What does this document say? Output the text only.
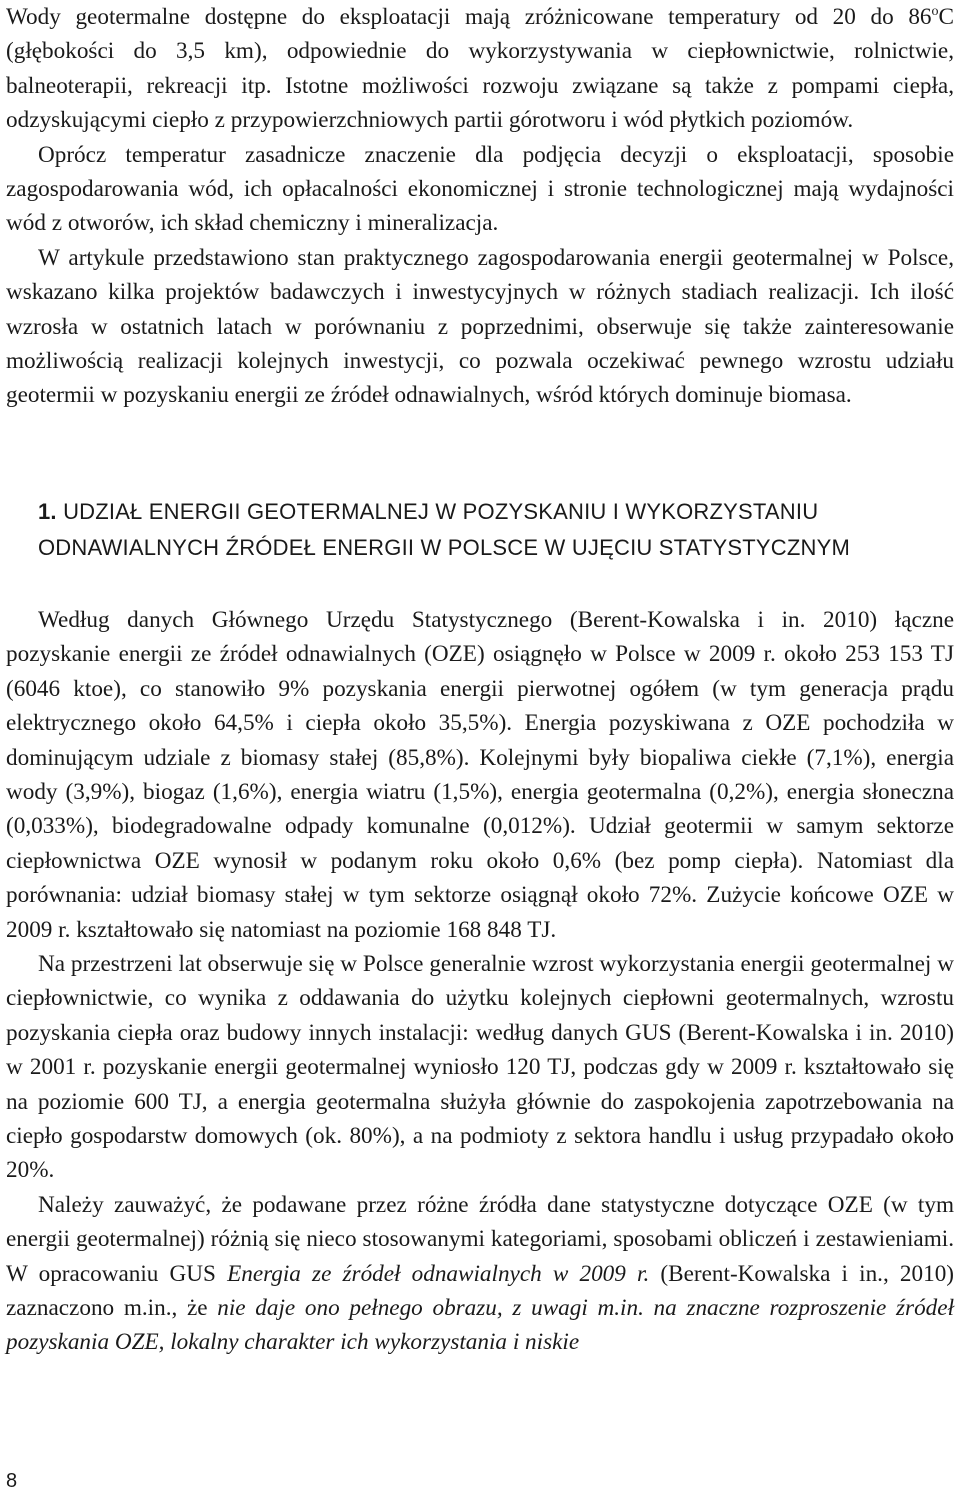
Wody geotermalne dostępne do eksploatacji mają zróżnicowane temperatury od 20 do 86$^o$C (głębokości do 3,5 km), odpowiednie do wykorzystywania w ciepłownictwie, rolnictwie, balneoterapii, rekreacji itp. Istotne możliwości rozwoju związane są także z pompami ciepła, odzyskującymi ciepło z przypowierzchniowych partii górotworu i wód płytkich poziomów.

Oprócz temperatur zasadnicze znaczenie dla podjęcia decyzji o eksploatacji, sposobie zagospodarowania wód, ich opłacalności ekonomicznej i stronie technologicznej mają wydajności wód z otworów, ich skład chemiczny i mineralizacja.

W artykule przedstawiono stan praktycznego zagospodarowania energii geotermalnej w Polsce, wskazano kilka projektów badawczych i inwestycyjnych w różnych stadiach realizacji. Ich ilość wzrosła w ostatnich latach w porównaniu z poprzednimi, obserwuje się także zainteresowanie możliwością realizacji kolejnych inwestycji, co pozwala oczekiwać pewnego wzrostu udziału geotermii w pozyskaniu energii ze źródeł odnawialnych, wśród których dominuje biomasa.

1. UDZIAŁ ENERGII GEOTERMALNEJ W POZYSKANIU I WYKORZYSTANIU
ODNAWIALNYCH ŹRÓDEŁ ENERGII W POLSCE W UJĘCIU STATYSTYCZNYM

Według danych Głównego Urzędu Statystycznego (Berent-Kowalska i in. 2010) łączne pozyskanie energii ze źródeł odnawialnych (OZE) osiągnęło w Polsce w 2009 r. około 253 153 TJ (6046 ktoe), co stanowiło 9% pozyskania energii pierwotnej ogółem (w tym generacja prądu elektrycznego około 64,5% i ciepła około 35,5%). Energia pozyskiwana z OZE pochodziła w dominującym udziale z biomasy stałej (85,8%). Kolejnymi były biopaliwa ciekłe (7,1%), energia wody (3,9%), biogaz (1,6%), energia wiatru (1,5%), energia geotermalna (0,2%), energia słoneczna (0,033%), biodegradowalne odpady komunalne (0,012%). Udział geotermii w samym sektorze ciepłownictwa OZE wynosił w podanym roku około 0,6% (bez pomp ciepła). Natomiast dla porównania: udział biomasy stałej w tym sektorze osiągnął około 72%. Zużycie końcowe OZE w 2009 r. kształtowało się natomiast na poziomie 168 848 TJ.

Na przestrzeni lat obserwuje się w Polsce generalnie wzrost wykorzystania energii geotermalnej w ciepłownictwie, co wynika z oddawania do użytku kolejnych ciepłowni geotermalnych, wzrostu pozyskania ciepła oraz budowy innych instalacji: według danych GUS (Berent-Kowalska i in. 2010) w 2001 r. pozyskanie energii geotermalnej wyniosło 120 TJ, podczas gdy w 2009 r. kształtowało się na poziomie 600 TJ, a energia geotermalna służyła głównie do zaspokojenia zapotrzebowania na ciepło gospodarstw domowych (ok. 80%), a na podmioty z sektora handlu i usług przypadało około 20%.

Należy zauważyć, że podawane przez różne źródła dane statystyczne dotyczące OZE (w tym energii geotermalnej) różnią się nieco stosowanymi kategoriami, sposobami obliczeń i zestawieniami. W opracowaniu GUS Energia ze źródeł odnawialnych w 2009 r. (Berent-Kowalska i in., 2010) zaznaczono m.in., że nie daje ono pełnego obrazu, z uwagi m.in. na znaczne rozproszenie źródeł pozyskania OZE, lokalny charakter ich wykorzystania i niskie

8
